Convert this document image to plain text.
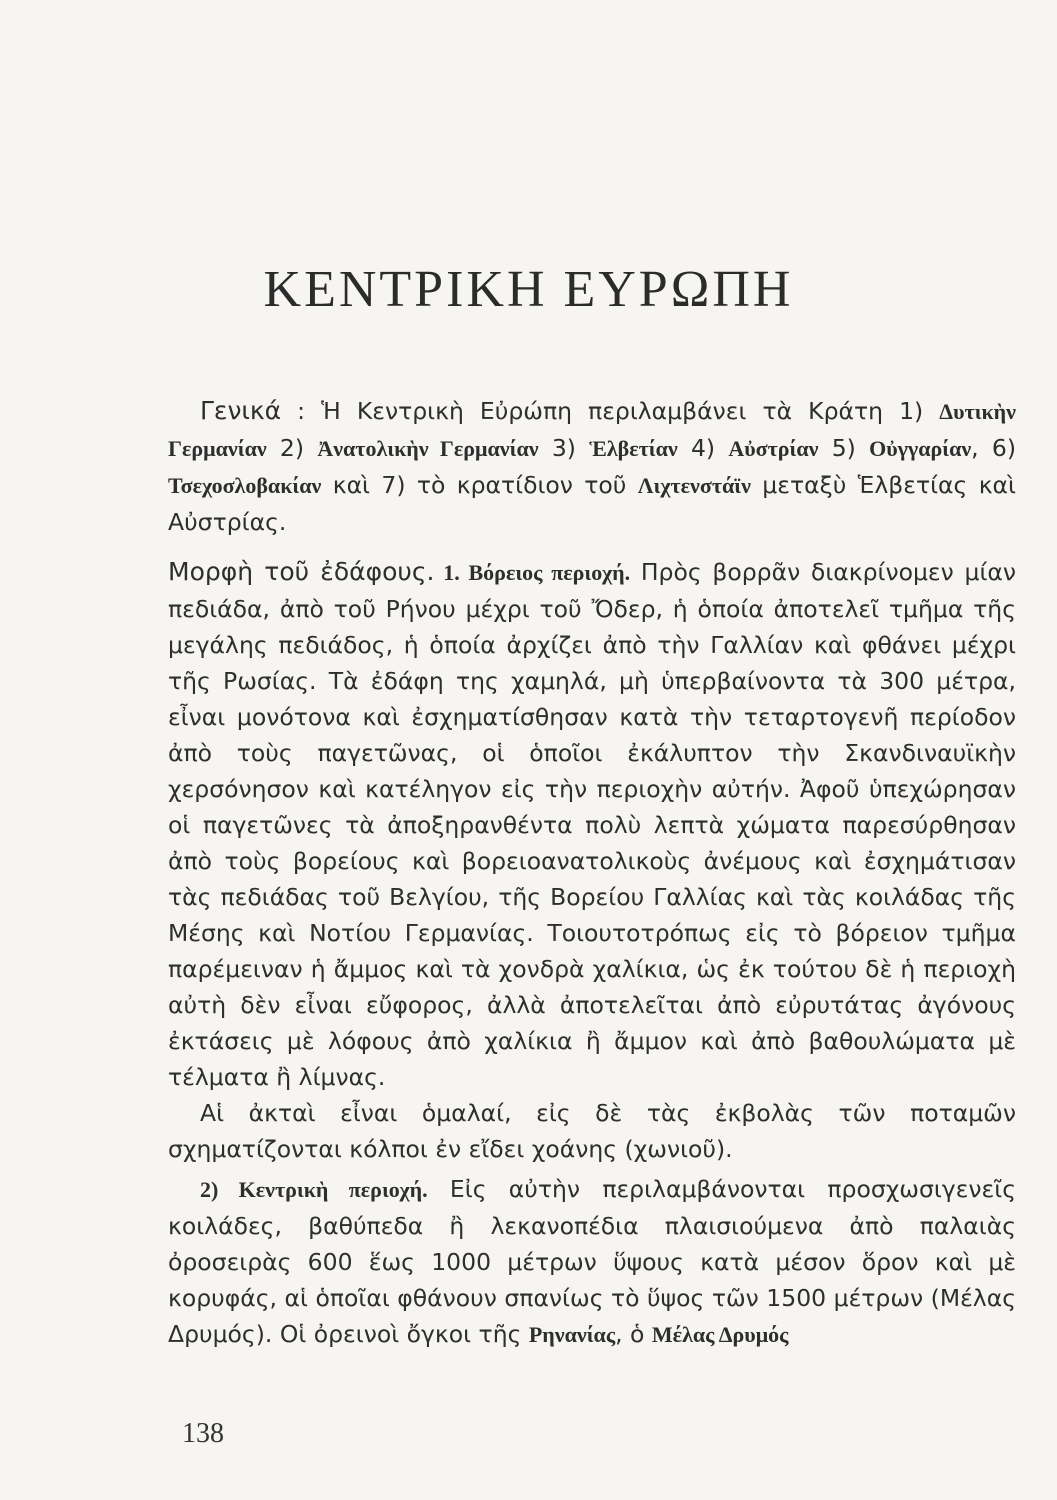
ΚΕΝΤΡΙΚΗ ΕΥΡΩΠΗ

Γενικά : Ἡ Κεντρικὴ Εὐρώπη περιλαμβάνει τὰ Κράτη 1) Δυτικὴν Γερμανίαν 2) Ἀνατολικὴν Γερμανίαν 3) Ἑλβετίαν 4) Αὐστρίαν 5) Οὐγγαρίαν, 6) Τσεχοσλοβακίαν καὶ 7) τὸ κρατίδιον τοῦ Λιχτενστάϊν μεταξὺ Ἑλβετίας καὶ Αὐστρίας.

Μορφὴ τοῦ ἐδάφους. 1. Βόρειος περιοχή. Πρὸς βορρᾶν διακρίνομεν μίαν πεδιάδα, ἀπὸ τοῦ Ρήνου μέχρι τοῦ Ὄδερ, ἡ ὁποία ἀποτελεῖ τμῆμα τῆς μεγάλης πεδιάδος, ἡ ὁποία ἀρχίζει ἀπὸ τὴν Γαλλίαν καὶ φθάνει μέχρι τῆς Ρωσίας. Τὰ ἐδάφη της χαμηλά, μὴ ὑπερβαίνοντα τὰ 300 μέτρα, εἶναι μονότονα καὶ ἐσχηματίσθησαν κατὰ τὴν τεταρτογενῆ περίοδον ἀπὸ τοὺς παγετῶνας, οἱ ὁποῖοι ἐκάλυπτον τὴν Σκανδιναυϊκὴν χερσόνησον καὶ κατέληγον εἰς τὴν περιοχὴν αὐτήν. Ἀφοῦ ὑπεχώρησαν οἱ παγετῶνες τὰ ἀποξηρανθέντα πολὺ λεπτὰ χώματα παρεσύρθησαν ἀπὸ τοὺς βορείους καὶ βορειοανατολικοὺς ἀνέμους καὶ ἐσχημάτισαν τὰς πεδιάδας τοῦ Βελγίου, τῆς Βορείου Γαλλίας καὶ τὰς κοιλάδας τῆς Μέσης καὶ Νοτίου Γερμανίας. Τοιουτοτρόπως εἰς τὸ βόρειον τμῆμα παρέμειναν ἡ ἄμμος καὶ τὰ χονδρὰ χαλίκια, ὡς ἐκ τούτου δὲ ἡ περιοχὴ αὐτὴ δὲν εἶναι εὔφορος, ἀλλὰ ἀποτελεῖται ἀπὸ εὐρυτάτας ἀγόνους ἐκτάσεις μὲ λόφους ἀπὸ χαλίκια ἢ ἄμμον καὶ ἀπὸ βαθουλώματα μὲ τέλματα ἢ λίμνας.

Αἱ ἀκταὶ εἶναι ὁμαλαί, εἰς δὲ τὰς ἐκβολὰς τῶν ποταμῶν σχηματίζονται κόλποι ἐν εἴδει χοάνης (χωνιοῦ).

2) Κεντρικὴ περιοχή. Εἰς αὐτὴν περιλαμβάνονται προσχωσιγενεῖς κοιλάδες, βαθύπεδα ἢ λεκανοπέδια πλαισιούμενα ἀπὸ παλαιὰς ὀροσειρὰς 600 ἕως 1000 μέτρων ὕψους κατὰ μέσον ὅρον καὶ μὲ κορυφάς, αἱ ὁποῖαι φθάνουν σπανίως τὸ ὕψος τῶν 1500 μέτρων (Μέλας Δρυμός). Οἱ ὀρεινοὶ ὄγκοι τῆς Ρηνανίας, ὁ Μέλας Δρυμός

138
